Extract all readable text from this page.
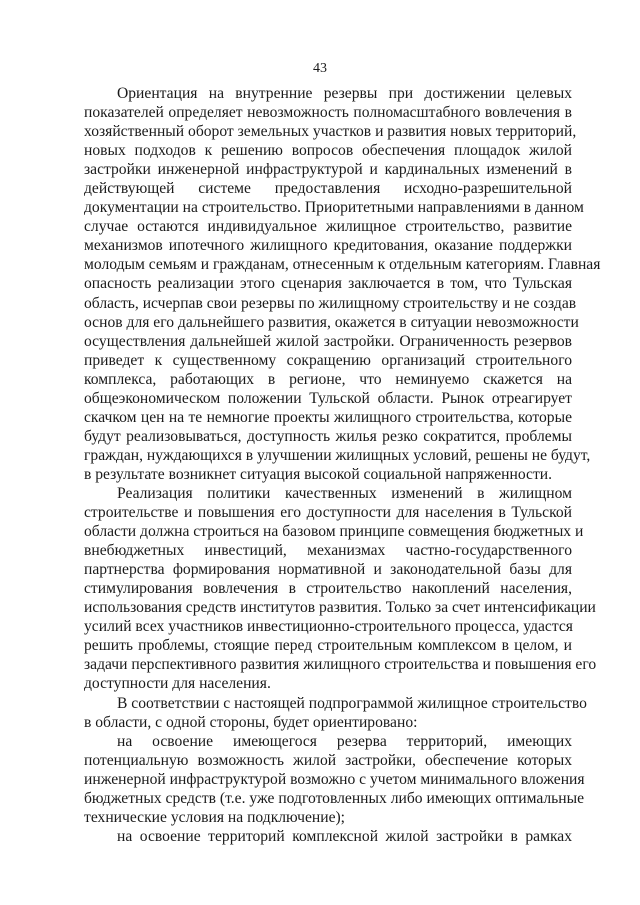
43

Ориентация на внутренние резервы при достижении целевых
показателей определяет невозможность полномасштабного вовлечения в
хозяйственный оборот земельных участков и развития новых территорий,
новых подходов к решению вопросов обеспечения площадок жилой
застройки инженерной инфраструктурой и кардинальных изменений в
действующей системе предоставления исходно-разрешительной
документации на строительство. Приоритетными направлениями в данном
случае остаются индивидуальное жилищное строительство, развитие
механизмов ипотечного жилищного кредитования, оказание поддержки
молодым семьям и гражданам, отнесенным к отдельным категориям. Главная
опасность реализации этого сценария заключается в том, что Тульская
область, исчерпав свои резервы по жилищному строительству и не создав
основ для его дальнейшего развития, окажется в ситуации невозможности
осуществления дальнейшей жилой застройки. Ограниченность резервов
приведет к существенному сокращению организаций строительного
комплекса, работающих в регионе, что неминуемо скажется на
общеэкономическом положении Тульской области. Рынок отреагирует
скачком цен на те немногие проекты жилищного строительства, которые
будут реализовываться, доступность жилья резко сократится, проблемы
граждан, нуждающихся в улучшении жилищных условий, решены не будут,
в результате возникнет ситуация высокой социальной напряженности.

Реализация политики качественных изменений в жилищном
строительстве и повышения его доступности для населения в Тульской
области должна строиться на базовом принципе совмещения бюджетных и
внебюджетных инвестиций, механизмах частно-государственного
партнерства формирования нормативной и законодательной базы для
стимулирования вовлечения в строительство накоплений населения,
использования средств институтов развития. Только за счет интенсификации
усилий всех участников инвестиционно-строительного процесса, удастся
решить проблемы, стоящие перед строительным комплексом в целом, и
задачи перспективного развития жилищного строительства и повышения его
доступности для населения.

В соответствии с настоящей подпрограммой жилищное строительство
в области, с одной стороны, будет ориентировано:

на освоение имеющегося резерва территорий, имеющих
потенциальную возможность жилой застройки, обеспечение которых
инженерной инфраструктурой возможно с учетом минимального вложения
бюджетных средств (т.е. уже подготовленных либо имеющих оптимальные
технические условия на подключение);

на освоение территорий комплексной жилой застройки в рамках
